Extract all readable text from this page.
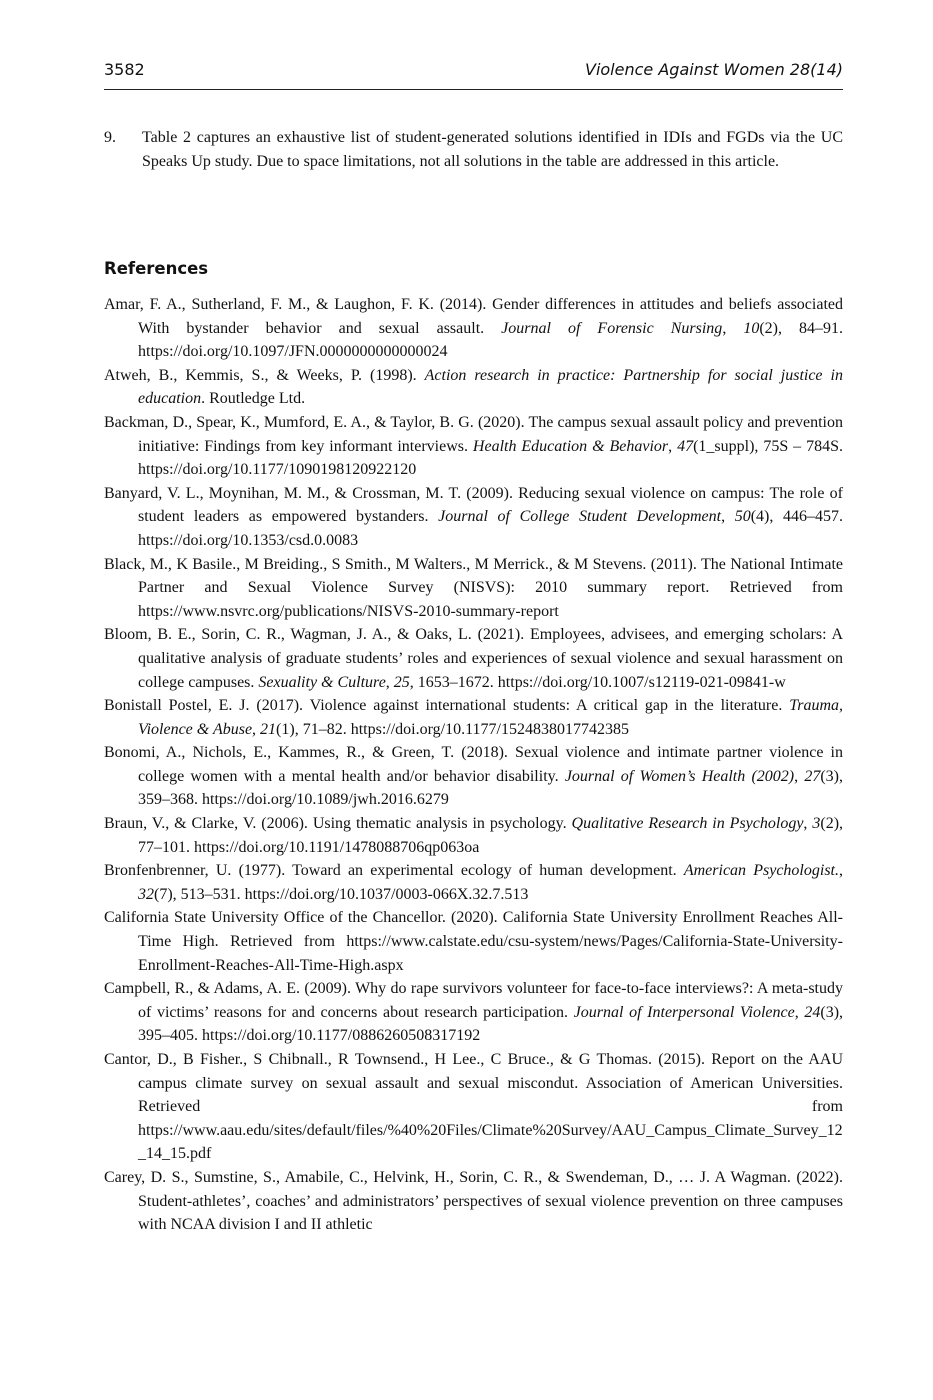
3582	Violence Against Women 28(14)
9.	Table 2 captures an exhaustive list of student-generated solutions identified in IDIs and FGDs via the UC Speaks Up study. Due to space limitations, not all solutions in the table are addressed in this article.
References
Amar, F. A., Sutherland, F. M., & Laughon, F. K. (2014). Gender differences in attitudes and beliefs associated With bystander behavior and sexual assault. Journal of Forensic Nursing, 10(2), 84–91. https://doi.org/10.1097/JFN.0000000000000024
Atweh, B., Kemmis, S., & Weeks, P. (1998). Action research in practice: Partnership for social justice in education. Routledge Ltd.
Backman, D., Spear, K., Mumford, E. A., & Taylor, B. G. (2020). The campus sexual assault policy and prevention initiative: Findings from key informant interviews. Health Education & Behavior, 47(1_suppl), 75S – 784S. https://doi.org/10.1177/1090198120922120
Banyard, V. L., Moynihan, M. M., & Crossman, M. T. (2009). Reducing sexual violence on campus: The role of student leaders as empowered bystanders. Journal of College Student Development, 50(4), 446–457. https://doi.org/10.1353/csd.0.0083
Black, M., K Basile., M Breiding., S Smith., M Walters., M Merrick., & M Stevens. (2011). The National Intimate Partner and Sexual Violence Survey (NISVS): 2010 summary report. Retrieved from https://www.nsvrc.org/publications/NISVS-2010-summary-report
Bloom, B. E., Sorin, C. R., Wagman, J. A., & Oaks, L. (2021). Employees, advisees, and emerging scholars: A qualitative analysis of graduate students’ roles and experiences of sexual violence and sexual harassment on college campuses. Sexuality & Culture, 25, 1653–1672. https://doi.org/10.1007/s12119-021-09841-w
Bonistall Postel, E. J. (2017). Violence against international students: A critical gap in the literature. Trauma, Violence & Abuse, 21(1), 71–82. https://doi.org/10.1177/1524838017742385
Bonomi, A., Nichols, E., Kammes, R., & Green, T. (2018). Sexual violence and intimate partner violence in college women with a mental health and/or behavior disability. Journal of Women’s Health (2002), 27(3), 359–368. https://doi.org/10.1089/jwh.2016.6279
Braun, V., & Clarke, V. (2006). Using thematic analysis in psychology. Qualitative Research in Psychology, 3(2), 77–101. https://doi.org/10.1191/1478088706qp063oa
Bronfenbrenner, U. (1977). Toward an experimental ecology of human development. American Psychologist., 32(7), 513–531. https://doi.org/10.1037/0003-066X.32.7.513
California State University Office of the Chancellor. (2020). California State University Enrollment Reaches All-Time High. Retrieved from https://www.calstate.edu/csu-system/news/Pages/California-State-University-Enrollment-Reaches-All-Time-High.aspx
Campbell, R., & Adams, A. E. (2009). Why do rape survivors volunteer for face-to-face interviews?: A meta-study of victims’ reasons for and concerns about research participation. Journal of Interpersonal Violence, 24(3), 395–405. https://doi.org/10.1177/0886260508317192
Cantor, D., B Fisher., S Chibnall., R Townsend., H Lee., C Bruce., & G Thomas. (2015). Report on the AAU campus climate survey on sexual assault and sexual miscondut. Association of American Universities. Retrieved from https://www.aau.edu/sites/default/files/%40%20Files/Climate%20Survey/AAU_Campus_Climate_Survey_12_14_15.pdf
Carey, D. S., Sumstine, S., Amabile, C., Helvink, H., Sorin, C. R., & Swendeman, D., … J. A Wagman. (2022). Student-athletes’, coaches’ and administrators’ perspectives of sexual violence prevention on three campuses with NCAA division I and II athletic
